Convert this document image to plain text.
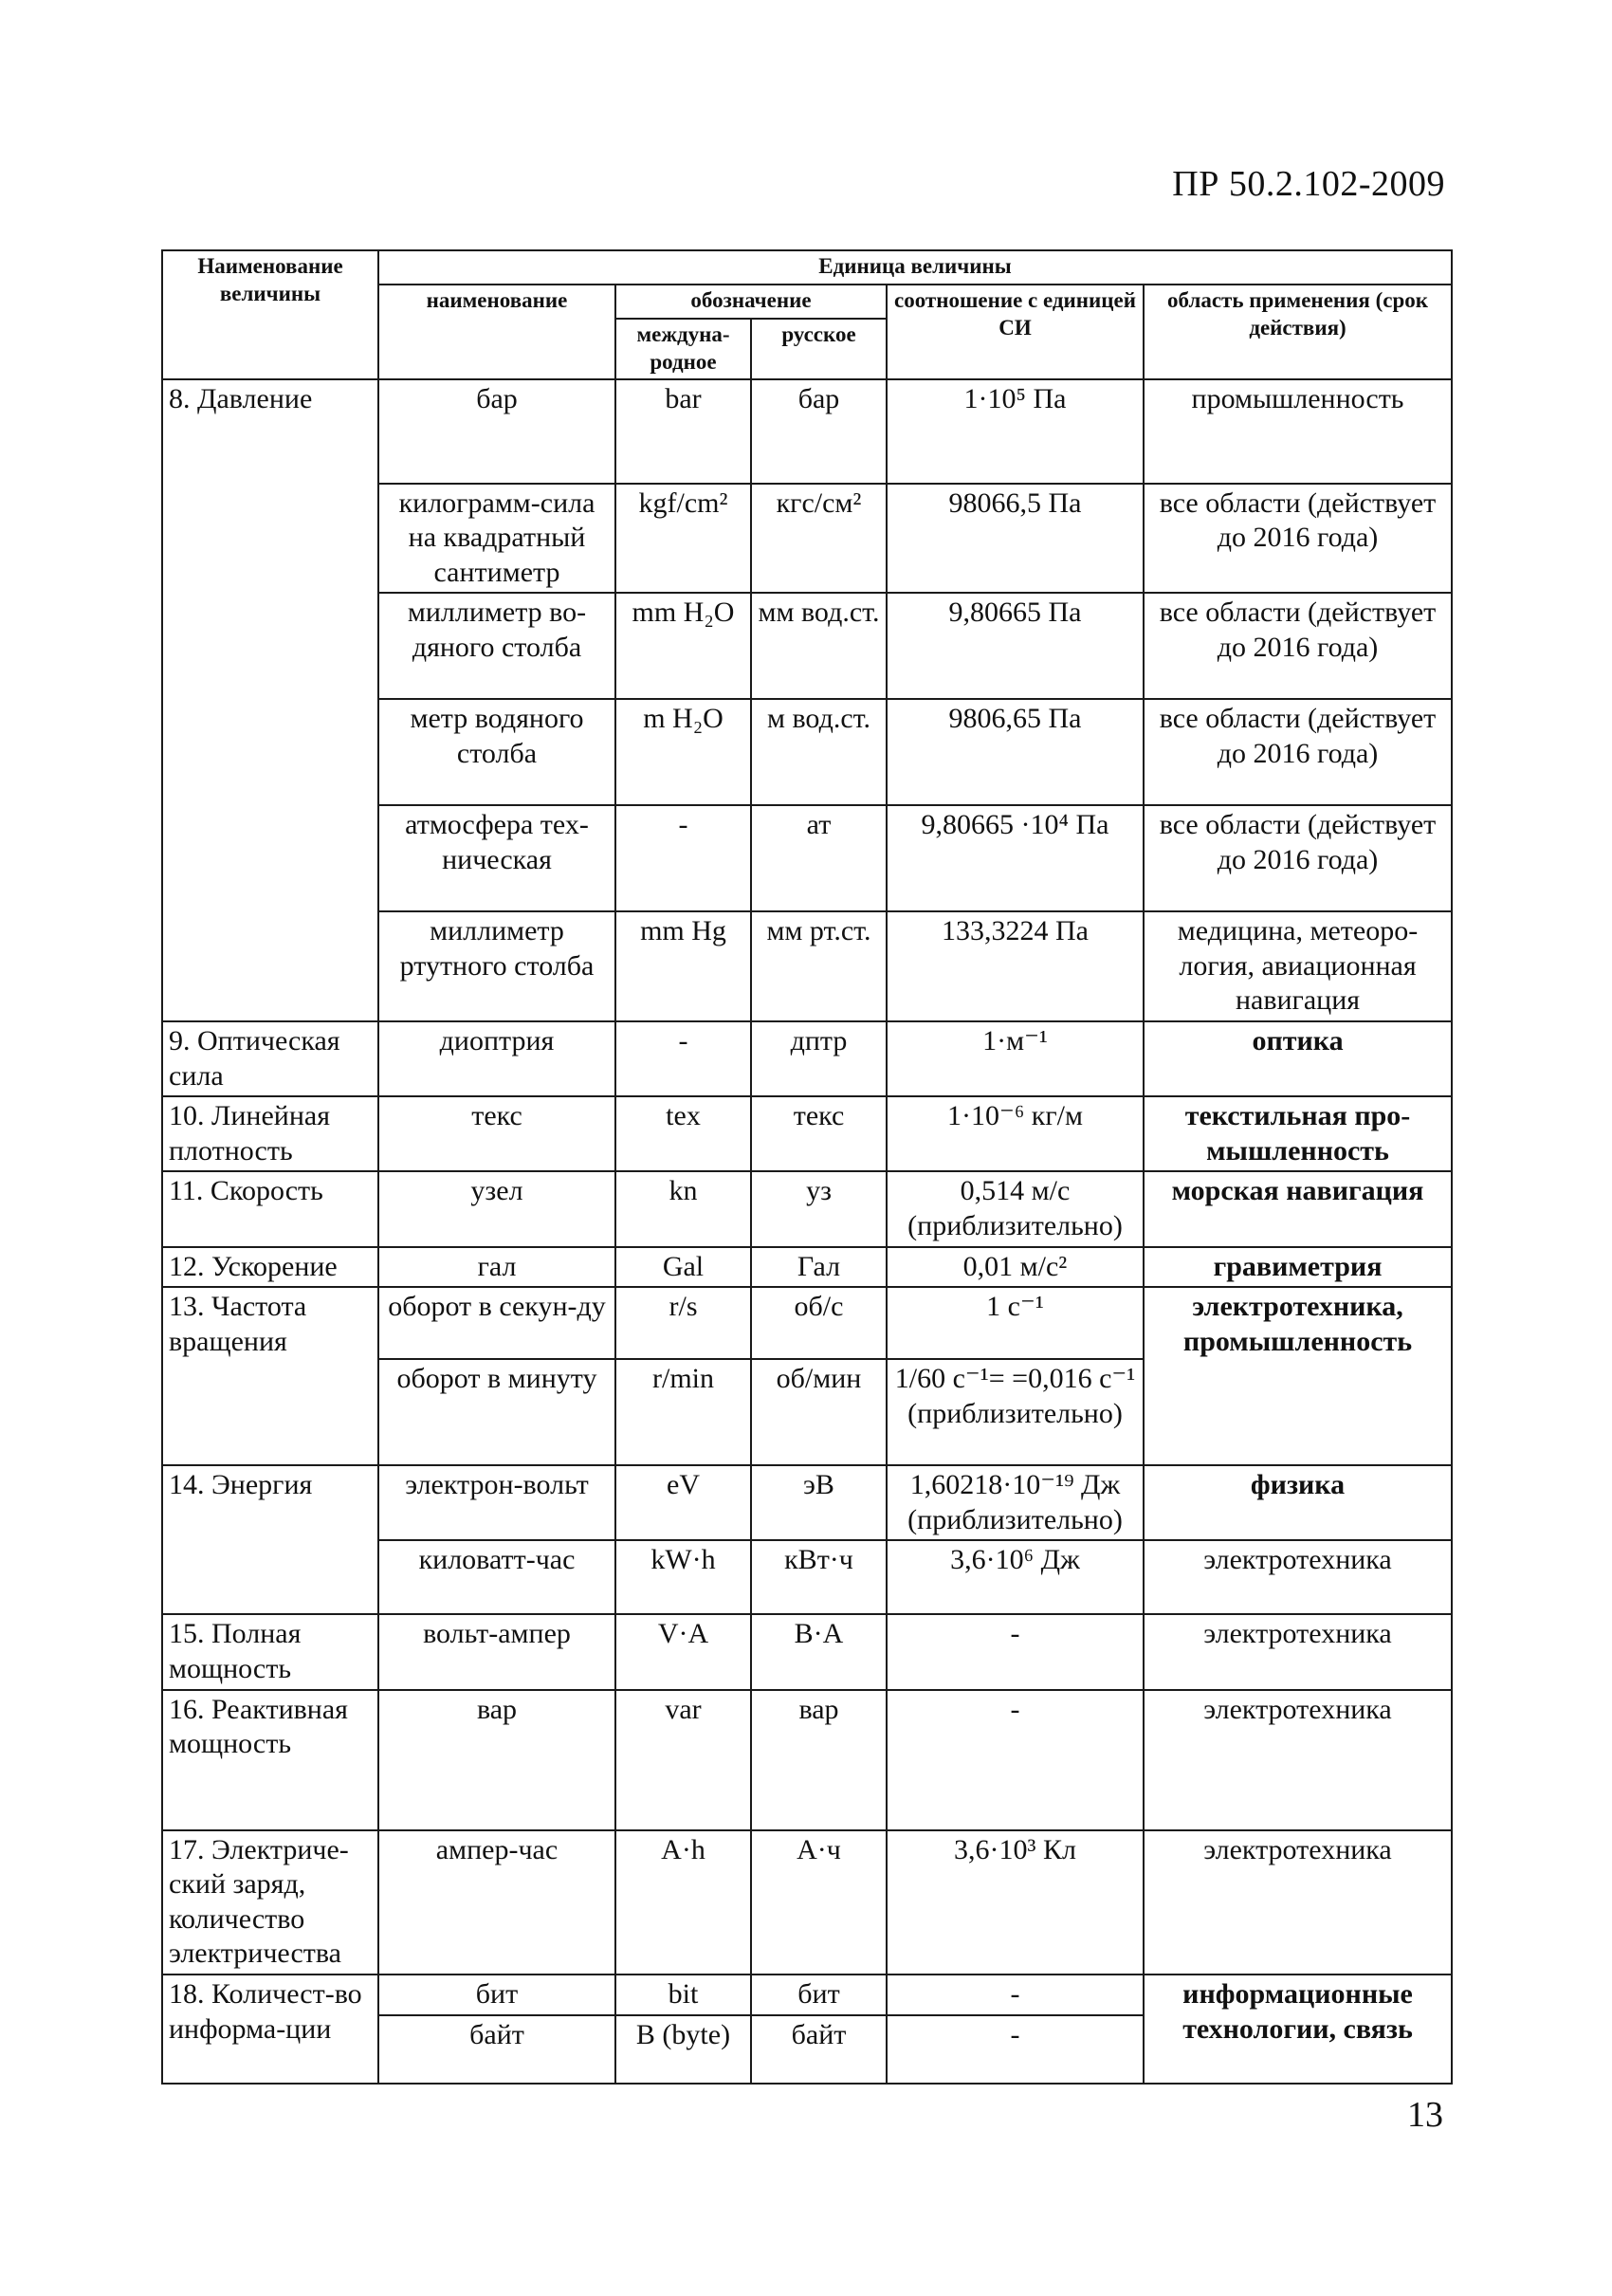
ПР 50.2.102-2009
Наименование величины	Единица величины				
	наименование	обозначение		соотношение с единицей СИ	область применения (срок действия)
		междуна-родное	русское		
8. Давление	бар	bar	бар	1·10⁵ Па	промышленность
	килограмм-сила на квадратный сантиметр	kgf/cm²	кгс/см²	98066,5 Па	все области (действует до 2016 года)
	миллиметр во-дяного столба	mm H₂O	мм вод.ст.	9,80665 Па	все области (действует до 2016 года)
	метр водяного столба	m H₂O	м вод.ст.	9806,65 Па	все области (действует до 2016 года)
	атмосфера тех-ническая	-	ат	9,80665 ·10⁴ Па	все области (действует до 2016 года)
	миллиметр ртутного столба	mm Hg	мм рт.ст.	133,3224 Па	медицина, метеоро-логия, авиационная навигация
9. Оптическая сила	диоптрия	-	дптр	1·м⁻¹	оптика
10. Линейная плотность	текс	tex	текс	1·10⁻⁶ кг/м	текстильная про-мышленность
11. Скорость	узел	kn	уз	0,514 м/с (приблизительно)	морская навигация
12. Ускорение	гал	Gal	Гал	0,01 м/с²	гравиметрия
13. Частота вращения	оборот в секун-ду	r/s	об/с	1 с⁻¹	электротехника, промышленность
	оборот в минуту	r/min	об/мин	1/60 с⁻¹= =0,016 с⁻¹ (приблизительно)	
14. Энергия	электрон-вольт	eV	эВ	1,60218·10⁻¹⁹ Дж (приблизительно)	физика
	киловатт-час	kW·h	кВт·ч	3,6·10⁶ Дж	электротехника
15. Полная мощность	вольт-ампер	V·A	В·А	-	электротехника
16. Реактивная мощность	вар	var	вар	-	электротехника
17. Электриче-ский заряд, количество электричества	ампер-час	A·h	А·ч	3,6·10³ Кл	электротехника
18. Количест-во информа-ции	бит	bit	бит	-	информационные технологии, связь
	байт	B (byte)	байт	-	
13
